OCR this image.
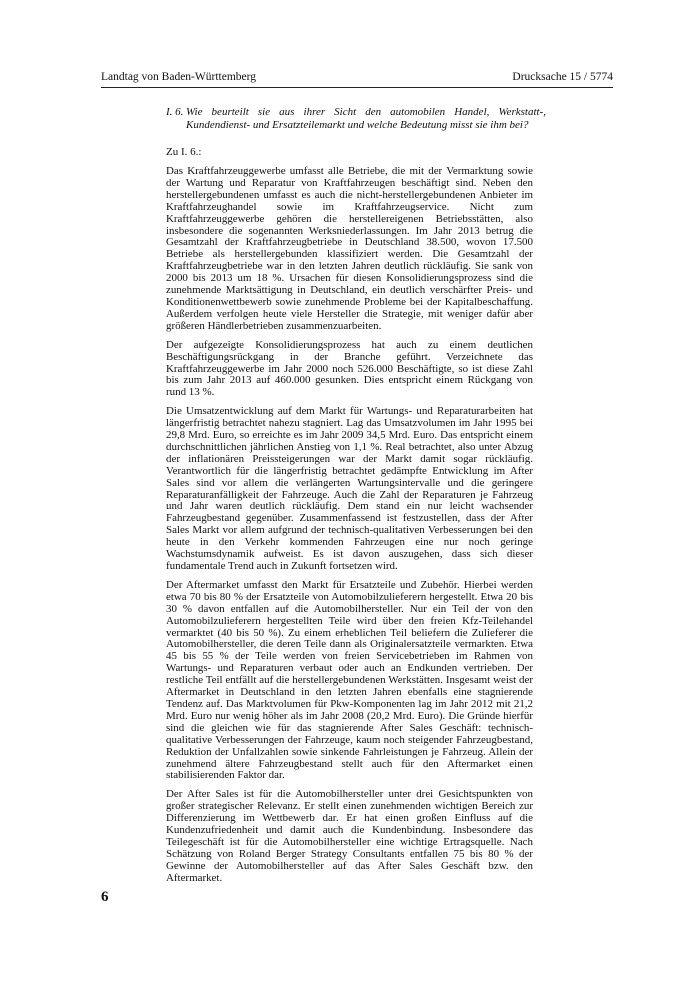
Landtag von Baden-Württemberg	Drucksache 15 / 5774
I. 6. Wie beurteilt sie aus ihrer Sicht den automobilen Handel, Werkstatt-, Kundendienst- und Ersatzteilemarkt und welche Bedeutung misst sie ihm bei?
Zu I. 6.:

Das Kraftfahrzeuggewerbe umfasst alle Betriebe, die mit der Vermarktung sowie der Wartung und Reparatur von Kraftfahrzeugen beschäftigt sind. Neben den herstellergebundenen umfasst es auch die nicht-herstellergebundenen Anbieter im Kraftfahrzeughandel sowie im Kraftfahrzeugservice. Nicht zum Kraftfahrzeuggewerbe gehören die herstellereigenen Betriebsstätten, also insbesondere die sogenannten Werksniederlassungen. Im Jahr 2013 betrug die Gesamtzahl der Kraftfahrzeugbetriebe in Deutschland 38.500, wovon 17.500 Betriebe als herstellergebunden klassifiziert werden. Die Gesamtzahl der Kraftfahrzeugbetriebe war in den letzten Jahren deutlich rückläufig. Sie sank von 2000 bis 2013 um 18 %. Ursachen für diesen Konsolidierungsprozess sind die zunehmende Marktsättigung in Deutschland, ein deutlich verschärfter Preis- und Konditionenwettbewerb sowie zunehmende Probleme bei der Kapitalbeschaffung. Außerdem verfolgen heute viele Hersteller die Strategie, mit weniger dafür aber größeren Händlerbetrieben zusammenzuarbeiten.

Der aufgezeigte Konsolidierungsprozess hat auch zu einem deutlichen Beschäftigungsrückgang in der Branche geführt. Verzeichnete das Kraftfahrzeuggewerbe im Jahr 2000 noch 526.000 Beschäftigte, so ist diese Zahl bis zum Jahr 2013 auf 460.000 gesunken. Dies entspricht einem Rückgang von rund 13 %.

Die Umsatzentwicklung auf dem Markt für Wartungs- und Reparaturarbeiten hat längerfristig betrachtet nahezu stagniert. Lag das Umsatzvolumen im Jahr 1995 bei 29,8 Mrd. Euro, so erreichte es im Jahr 2009 34,5 Mrd. Euro. Das entspricht einem durchschnittlichen jährlichen Anstieg von 1,1 %. Real betrachtet, also unter Abzug der inflationären Preissteigerungen war der Markt damit sogar rückläufig. Verantwortlich für die längerfristig betrachtet gedämpfte Entwicklung im After Sales sind vor allem die verlängerten Wartungsintervalle und die geringere Reparaturanfälligkeit der Fahrzeuge. Auch die Zahl der Reparaturen je Fahrzeug und Jahr waren deutlich rückläufig. Dem stand ein nur leicht wachsender Fahrzeugbestand gegenüber. Zusammenfassend ist festzustellen, dass der After Sales Markt vor allem aufgrund der technisch-qualitativen Verbesserungen bei den heute in den Verkehr kommenden Fahrzeugen eine nur noch geringe Wachstumsdynamik aufweist. Es ist davon auszugehen, dass sich dieser fundamentale Trend auch in Zukunft fortsetzen wird.

Der Aftermarket umfasst den Markt für Ersatzteile und Zubehör. Hierbei werden etwa 70 bis 80 % der Ersatzteile von Automobilzulieferern hergestellt. Etwa 20 bis 30 % davon entfallen auf die Automobilhersteller. Nur ein Teil der von den Automobilzulieferern hergestellten Teile wird über den freien Kfz-Teilehandel vermarktet (40 bis 50 %). Zu einem erheblichen Teil beliefern die Zulieferer die Automobilhersteller, die deren Teile dann als Originalersatzteile vermarkten. Etwa 45 bis 55 % der Teile werden von freien Servicebetrieben im Rahmen von Wartungs- und Reparaturen verbaut oder auch an Endkunden vertrieben. Der restliche Teil entfällt auf die herstellergebundenen Werkstätten. Insgesamt weist der Aftermarket in Deutschland in den letzten Jahren ebenfalls eine stagnierende Tendenz auf. Das Marktvolumen für Pkw-Komponenten lag im Jahr 2012 mit 21,2 Mrd. Euro nur wenig höher als im Jahr 2008 (20,2 Mrd. Euro). Die Gründe hierfür sind die gleichen wie für das stagnierende After Sales Geschäft: technisch-qualitative Verbesserungen der Fahrzeuge, kaum noch steigender Fahrzeugbestand, Reduktion der Unfallzahlen sowie sinkende Fahrleistungen je Fahrzeug. Allein der zunehmend ältere Fahrzeugbestand stellt auch für den Aftermarket einen stabilisierenden Faktor dar.

Der After Sales ist für die Automobilhersteller unter drei Gesichtspunkten von großer strategischer Relevanz. Er stellt einen zunehmenden wichtigen Bereich zur Differenzierung im Wettbewerb dar. Er hat einen großen Einfluss auf die Kundenzufriedenheit und damit auch die Kundenbindung. Insbesondere das Teilegeschäft ist für die Automobilhersteller eine wichtige Ertragsquelle. Nach Schätzung von Roland Berger Strategy Consultants entfallen 75 bis 80 % der Gewinne der Automobilhersteller auf das After Sales Geschäft bzw. den Aftermarket.

6
